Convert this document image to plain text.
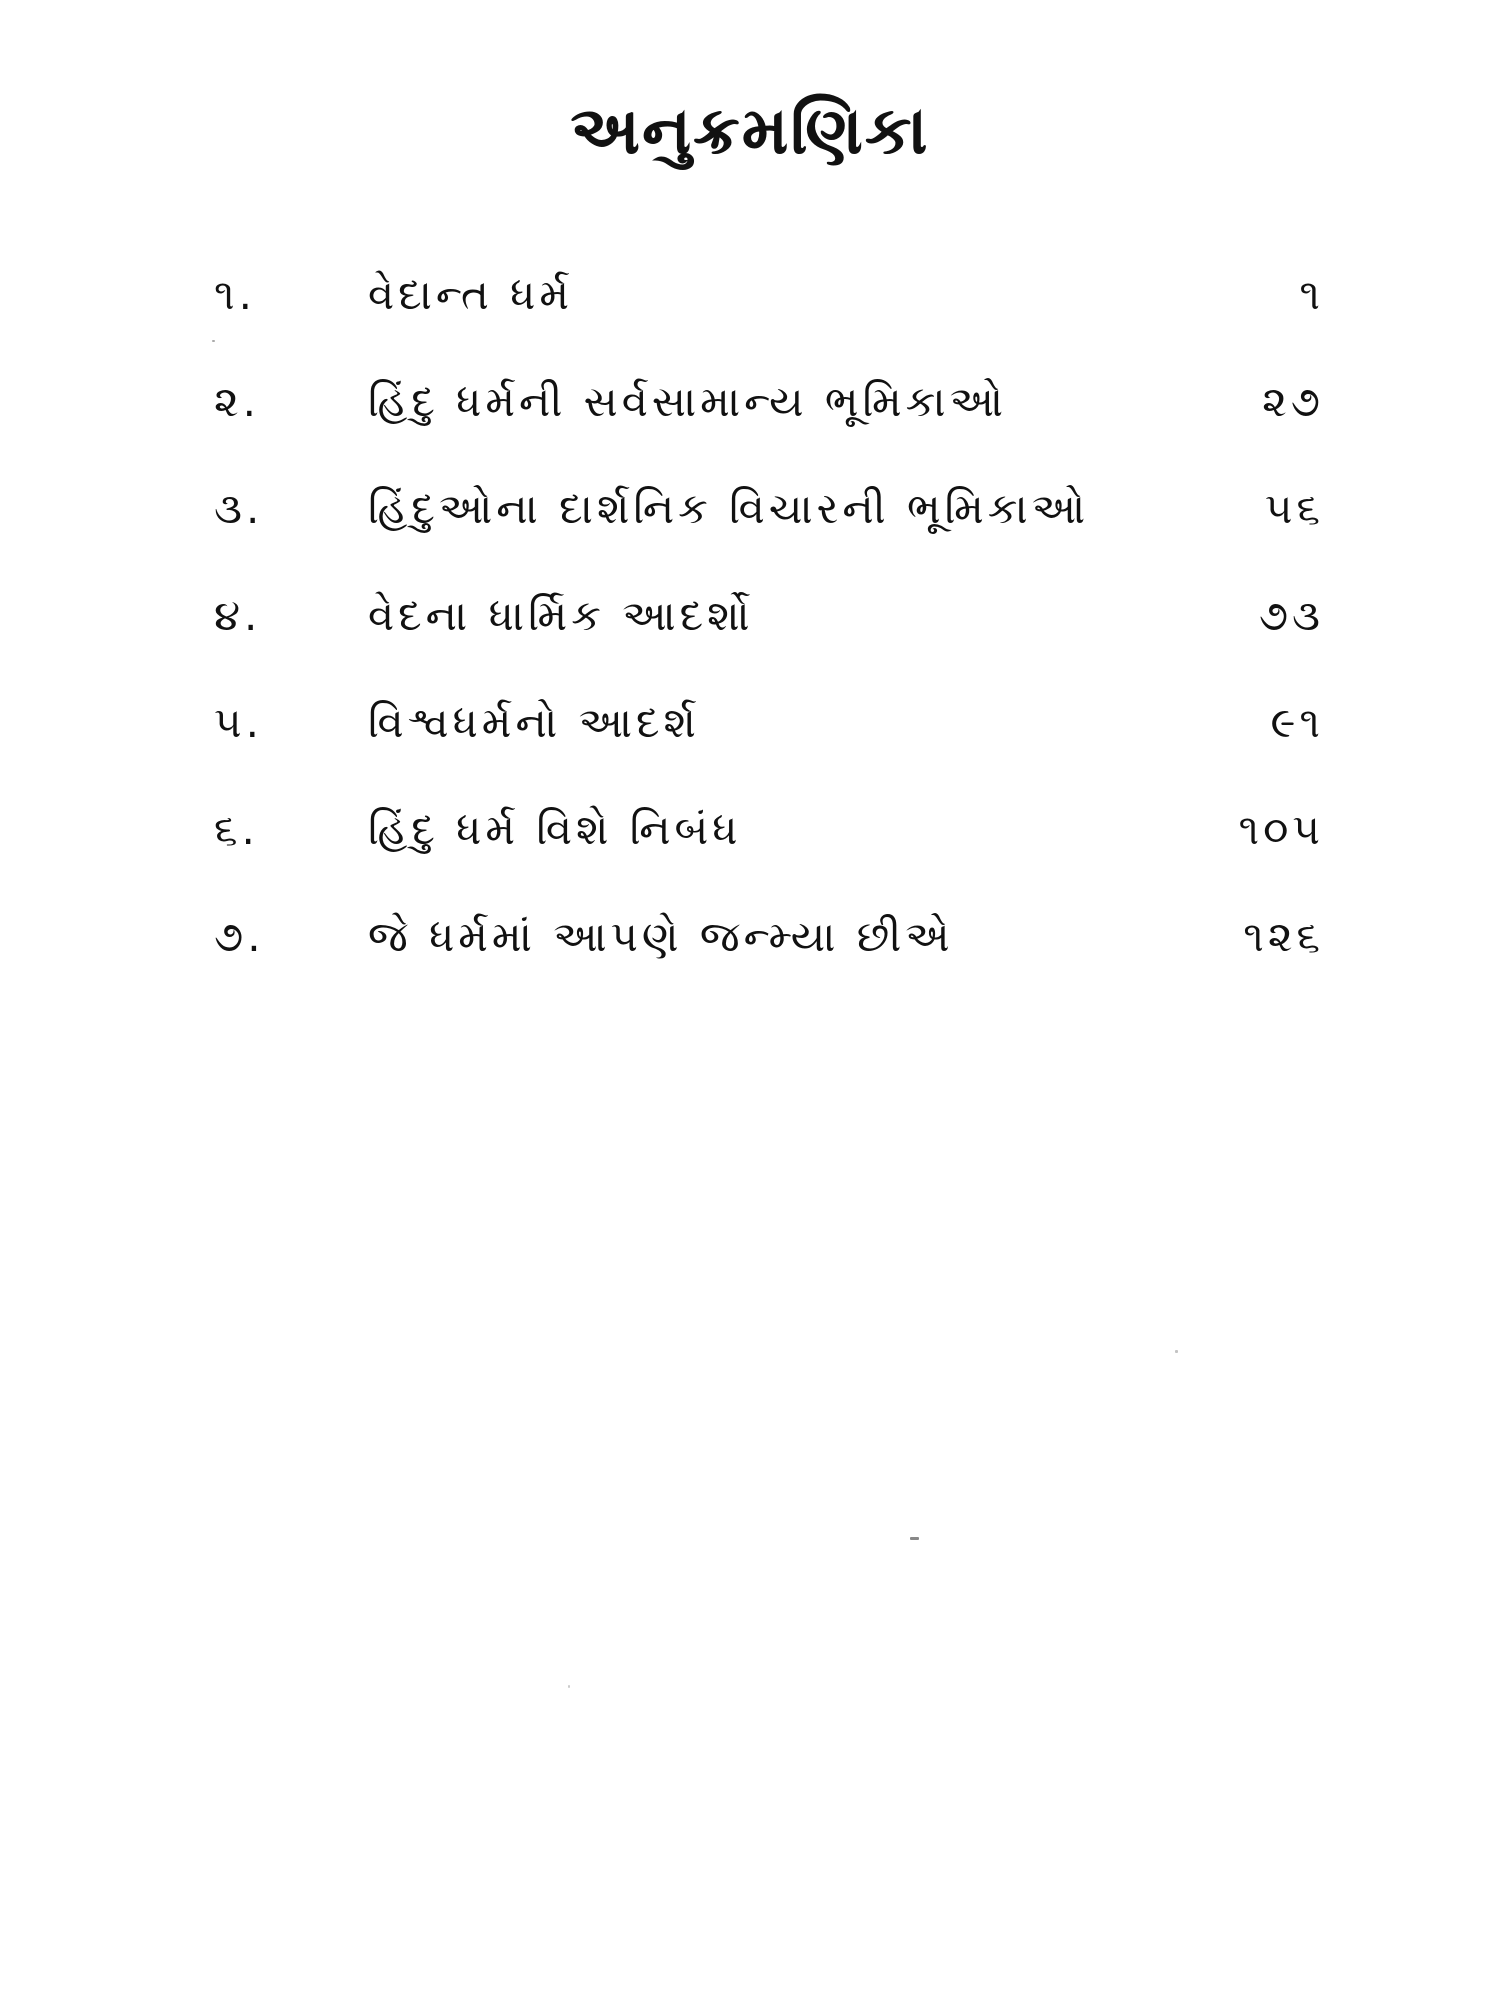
અનુક્રમણિકા
૧.	વેદાન્ત ધર્મ	૧
૨.	હિંદુ ધર્મની સર્વસામાન્ય ભૂમિકાઓ	૨૭
૩. હિંદુઓના દાર્શનિક વિચારની ભૂમિકાઓ	૫૬
૪.	વેદના ધાર્મિક આદર્શો	૭૩
૫.	વિશ્વધર્મનો આદર્શ	૯૧
૬.	હિંદુ ધર્મ વિશે નિબંધ	૧૦૫
૭. જે ધર્મમાં આપણે જન્મ્યા છીએ	૧૨૬
